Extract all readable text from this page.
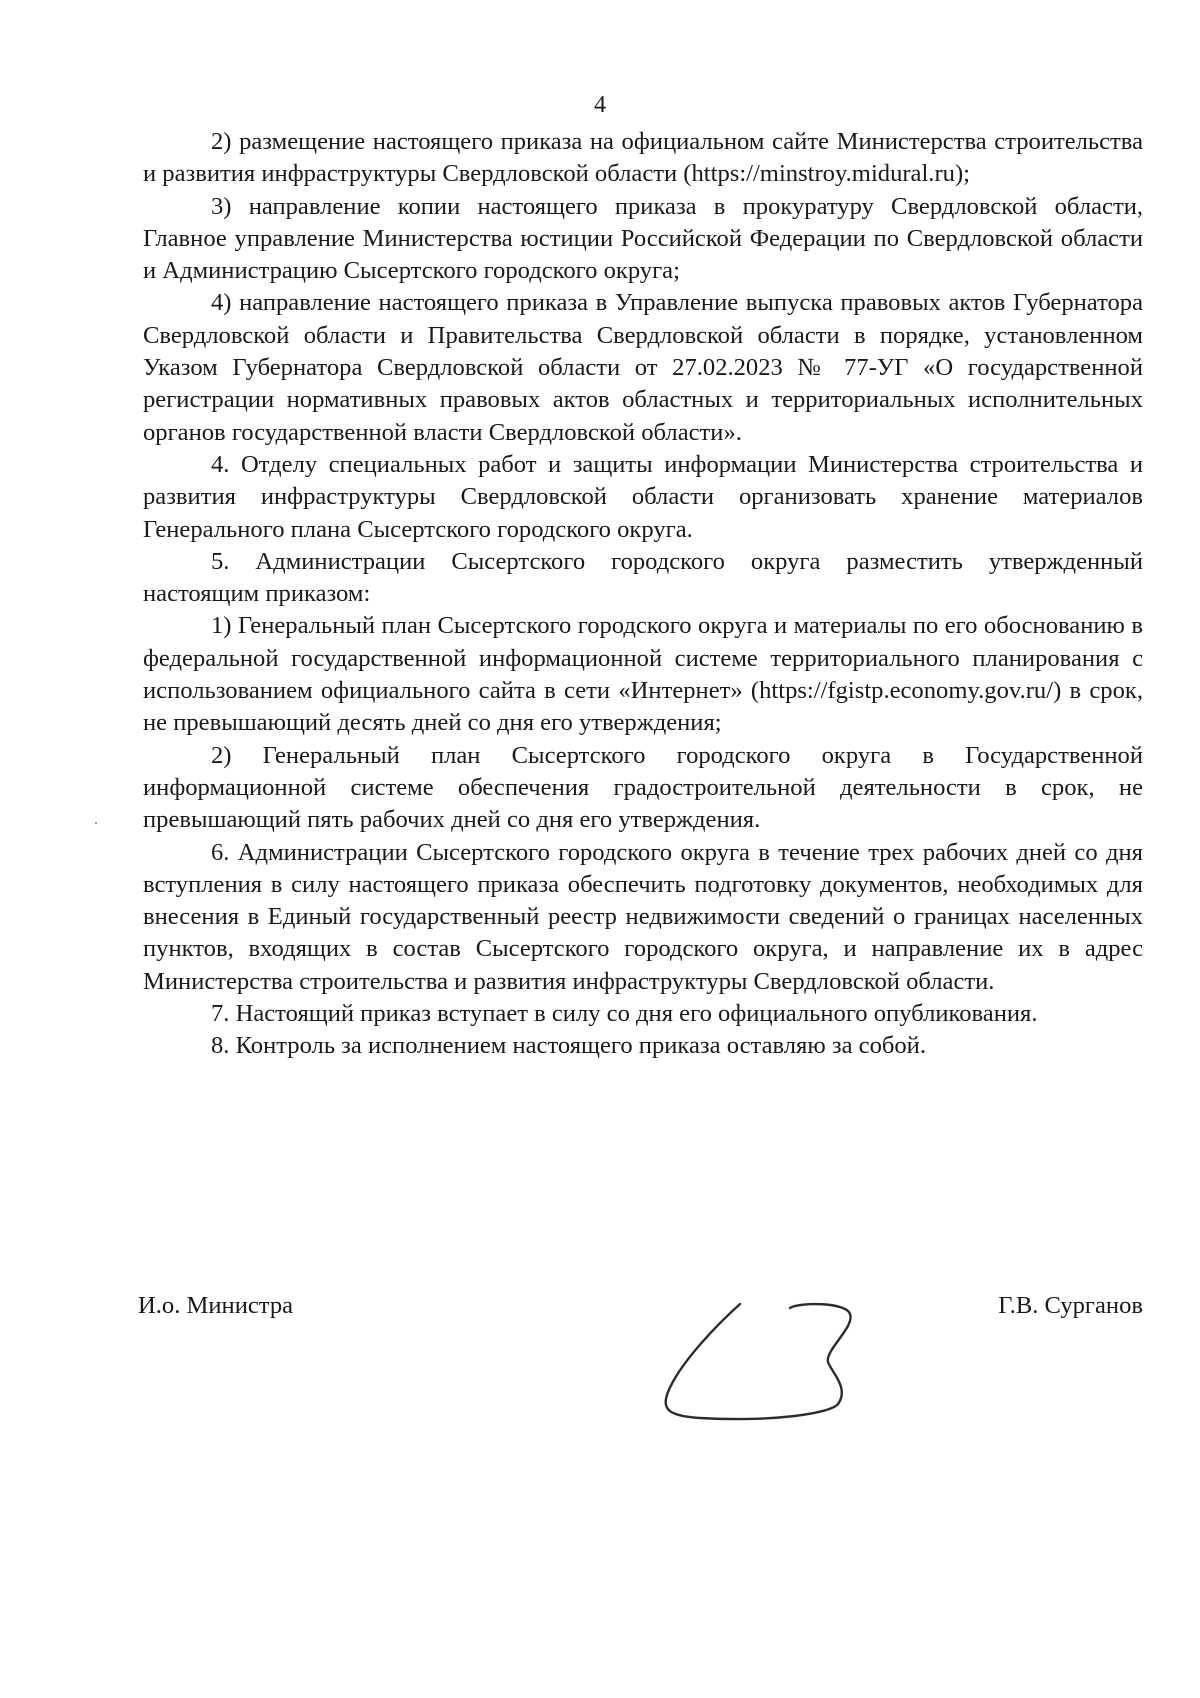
4

2) размещение настоящего приказа на официальном сайте Министерства строительства и развития инфраструктуры Свердловской области (https://minstroy.midural.ru);

3) направление копии настоящего приказа в прокуратуру Свердловской области, Главное управление Министерства юстиции Российской Федерации по Свердловской области и Администрацию Сысертского городского округа;

4) направление настоящего приказа в Управление выпуска правовых актов Губернатора Свердловской области и Правительства Свердловской области в порядке, установленном Указом Губернатора Свердловской области от 27.02.2023 № 77-УГ «О государственной регистрации нормативных правовых актов областных и территориальных исполнительных органов государственной власти Свердловской области».

4. Отделу специальных работ и защиты информации Министерства строительства и развития инфраструктуры Свердловской области организовать хранение материалов Генерального плана Сысертского городского округа.

5. Администрации Сысертского городского округа разместить утвержденный настоящим приказом:

1) Генеральный план Сысертского городского округа и материалы по его обоснованию в федеральной государственной информационной системе территориального планирования с использованием официального сайта в сети «Интернет» (https://fgistp.economy.gov.ru/) в срок, не превышающий десять дней со дня его утверждения;

2) Генеральный план Сысертского городского округа в Государственной информационной системе обеспечения градостроительной деятельности в срок, не превышающий пять рабочих дней со дня его утверждения.

6. Администрации Сысертского городского округа в течение трех рабочих дней со дня вступления в силу настоящего приказа обеспечить подготовку документов, необходимых для внесения в Единый государственный реестр недвижимости сведений о границах населенных пунктов, входящих в состав Сысертского городского округа, и направление их в адрес Министерства строительства и развития инфраструктуры Свердловской области.

7. Настоящий приказ вступает в силу со дня его официального опубликования.

8. Контроль за исполнением настоящего приказа оставляю за собой.

И.о. Министра	Г.В. Сурганов
